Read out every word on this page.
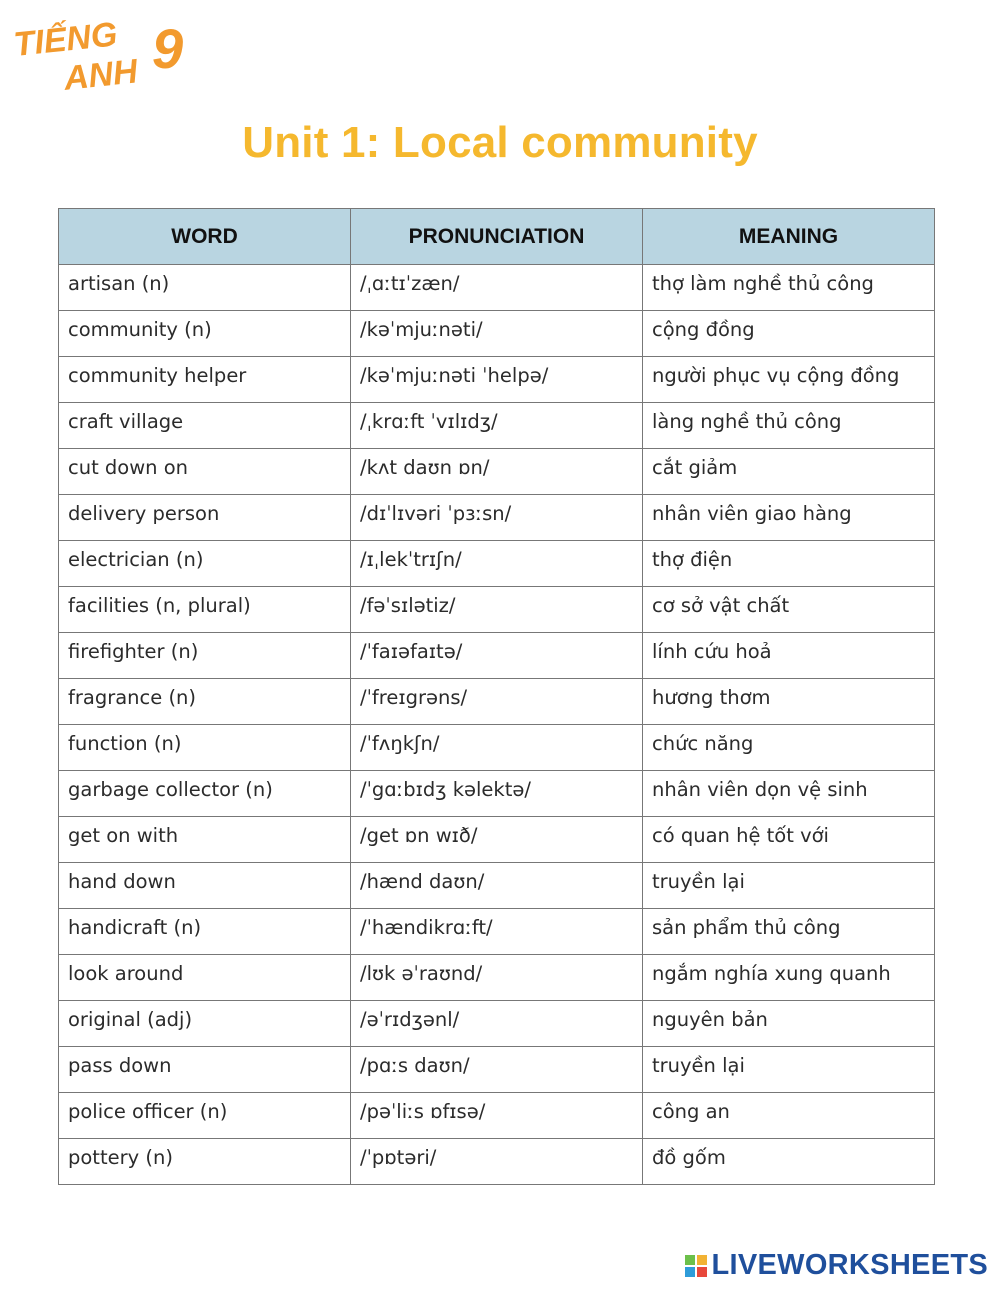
TIẾNG
ANH 9
Unit 1: Local community
WORD	PRONUNCIATION	MEANING
artisan (n)	/ˌɑːtɪˈzæn/	thợ làm nghề thủ công
community (n)	/kəˈmjuːnəti/	cộng đồng
community helper	/kəˈmjuːnəti ˈhelpə/	người phục vụ cộng đồng
craft village	/ˌkrɑːft ˈvɪlɪdʒ/	làng nghề thủ công
cut down on	/kʌt daʊn ɒn/	cắt giảm
delivery person	/dɪˈlɪvəri ˈpɜːsn/	nhân viên giao hàng
electrician (n)	/ɪˌlekˈtrɪʃn/	thợ điện
facilities (n, plural)	/fəˈsɪlətiz/	cơ sở vật chất
firefighter (n)	/ˈfaɪəfaɪtə/	lính cứu hoả
fragrance (n)	/ˈfreɪgrəns/	hương thơm
function (n)	/ˈfʌŋkʃn/	chức năng
garbage collector (n)	/ˈgɑːbɪdʒ kəlektə/	nhân viên dọn vệ sinh
get on with	/get ɒn wɪð/	có quan hệ tốt với
hand down	/hænd daʊn/	truyền lại
handicraft (n)	/ˈhændikrɑːft/	sản phẩm thủ công
look around	/lʊk əˈraʊnd/	ngắm nghía xung quanh
original (adj)	/əˈrɪdʒənl/	nguyên bản
pass down	/pɑːs daʊn/	truyền lại
police officer (n)	/pəˈliːs ɒfɪsə/	công an
pottery (n)	/ˈpɒtəri/	đồ gốm
LIVEWORKSHEETS
